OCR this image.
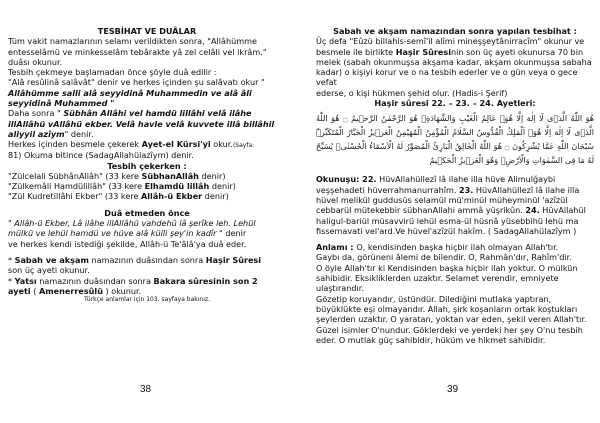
TESBİHAT VE DUÂLAR

Tüm vakit namazlarının selamı verildikten sonra, "Allâhümme

entesselâmü ve minkesselâm tebârakte yâ zel celâli vel ikrâm."

duâsı okunur.

Tesbih çekmeye başlamadan önce şöyle duâ edilir :

"Alâ resûlinâ salâvât" denir ve herkes içinden şu salâvatı okur "

Allâhümme salli alâ seyyidinâ Muhammedin ve alâ âli

seyyidinâ Muhammed "

Daha sonra " Sübhân Allâhi vel hamdü lillâhi velâ ilâhe

illAllâhü vAllâhü ekber. Velâ havle velâ kuvvete illâ billâhil

aliyyil azîym" denir.

Herkes içinden besmele çekerek Ayet-el Kürsi'yi okur.(Sayfa:

81) Okuma bitince (SadagAllahülazîym) denir.

Tesbih çekerken :

"Zülcelali SübhânAllâh" (33 kere SübhanAllâh denir)

"Zülkemâli Hamdülillâh" (33 kere Elhamdü lillâh denir)

"Zül Kudretillâhi Ekber" (33 kere Allâh-ü Ekber denir)

Duâ etmeden önce

" Allâh-ü Ekber, Lâ ilâhe illAllâhü vahdehû lâ şerîke leh. Lehül

mülkü ve lehül hamdü ve hüve alâ külli şey'in kadîr " denir

ve herkes kendi istediği şekilde, Allâh-ü Te'âlâ'ya duâ eder.

* Sabah ve akşam namazının duâsından sonra Haşir Sûresi

son üç ayeti okunur.

* Yatsı namazının duâsından sonra Bakara sûresinin son 2

ayeti ( Amenerresûlü ) okunur.

Türkçe anlamlar için 103. sayfaya bakınız.

38

Sabah ve akşam namazından sonra yapılan tesbihat :

Üç defa "Eûzü billahis-semî'il alîmi mineşşeytânirracîm" okunur ve

besmele ile birlikte Haşir Sûresinin son üç ayeti okunursa 70 bin

melek (sabah okunmuşsa akşama kadar, akşam okunmuşsa sabaha

kadar) o kişiyi korur ve o na tesbih ederler ve o gün veya o gece vefat

ederse, o kişi hükmen şehid olur. (Hadis-i Şerif)

Haşir sûresi 22. – 23. – 24. Ayetleri:

هُوَ اللّٰهُ الَّذٖى لَٓا اِلٰهَ اِلَّا هُوَۚ عَالِمُ الْغَيْبِ وَالشَّهَادَةِۚ هُوَ الرَّحْمٰنُ الرَّحٖيمُ ۝ هُوَ اللّٰهُ الَّذٖى لَٓا اِلٰهَ اِلَّا هُوَۚ اَلْمَلِكُ الْقُدُّوسُ السَّلَامُ الْمُؤْمِنُ الْمُهَيْمِنُ الْعَزٖيزُ الْجَبَّارُ الْمُتَكَبِّرُۜ سُبْحَانَ اللّٰهِ عَمَّا يُشْرِكُونَ ۝ هُوَ اللّٰهُ الْخَالِقُ الْبَارِئُ الْمُصَوِّرُ لَهُ الْاَسْمَٓاءُ الْحُسْنٰىۜ يُسَبِّحُ لَهُ مَا فِى السَّمٰوَاتِ وَالْاَرْضِۚ وَهُوَ الْعَزٖيزُ الْحَكٖيمُ

Okunuşu: 22. HüvAllahüllezî lâ ilahe illa hüve Alimulğaybi

veşşehadeti hüverrahmanurrahîm. 23. HüvAllahüllezî lâ ilahe illa

hüvel melikül guddusüs selamül mü'minül müheyminül 'azîzül

cebbarül mütekebbir sübhanAllahi ammâ yüşrikûn. 24. HüvAllahül

haligul-bariül müsavvirü lehül esma-ül hüsnâ yüsebbihü lehü ma

fissemavati vel'ard.Ve hüvel'azîzül hakîm. ( SadagAllahülazîym )

Anlamı : O, kendisinden başka hiçbir ilah olmayan Allah'tır.

Gaybı da, görüneni âlemi de bilendir. O, Rahmân'dır, Rahîm'dir.

O öyle Allah'tır ki Kendisinden başka hiçbir ilah yoktur. O mülkün

sahibidir. Eksikliklerden uzaktır. Selamet verendir, emniyete ulaştırandır.

Gözetip koruyandır, üstündür. Dilediğini mutlaka yaptıran,

büyüklükte eşi olmayandır. Allah, şirk koşanların ortak koştukları

şeylerden uzaktır. O yaratan, yoktan var eden, şekil veren Allah'tır.

Güzel isimler O'nundur. Göklerdeki ve yerdeki her şey O'nu tesbih

eder. O mutlak güç sahibidir, hüküm ve hikmet sahibidir.

39
